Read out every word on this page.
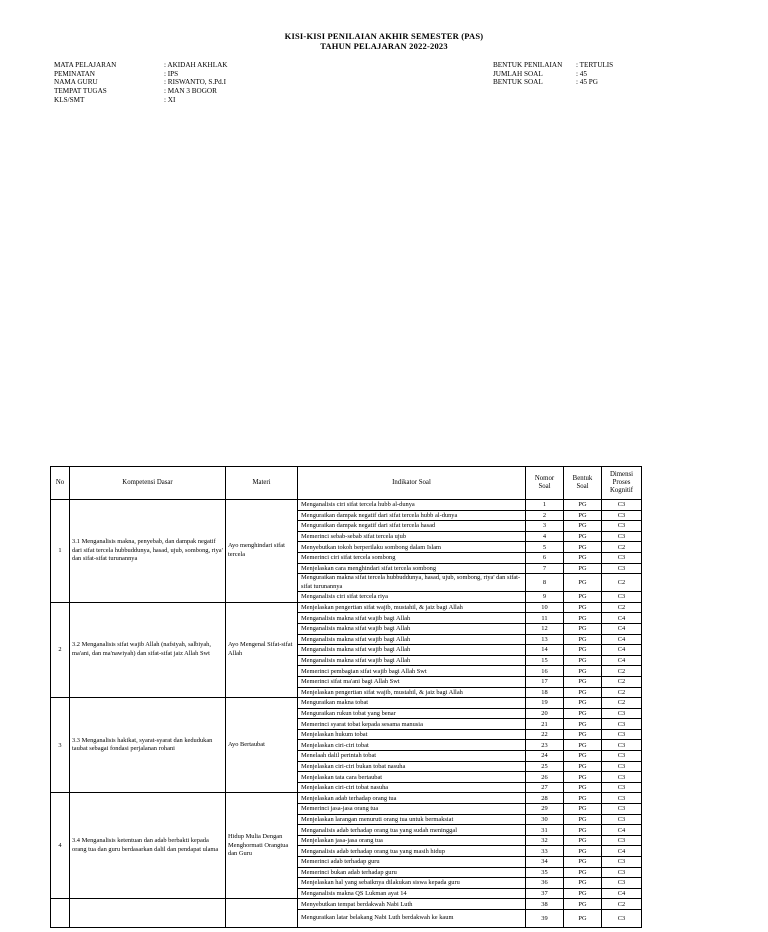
KISI-KISI PENILAIAN AKHIR SEMESTER (PAS)
TAHUN PELAJARAN 2022-2023
MATA PELAJARAN	: AKIDAH AKHLAK
PEMINATAN	: IPS
NAMA GURU	: RISWANTO, S.Pd.I
TEMPAT TUGAS	: MAN 3 BOGOR
KLS/SMT	: XI
BENTUK PENILAIAN	: TERTULIS
JUMLAH SOAL	: 45
BENTUK SOAL	: 45 PG
No	Kompetensi Dasar	Materi	Indikator Soal	Nomor Soal	Bentuk Soal	Dimensi Proses Kognitif
1	3.1 Menganalisis makna, penyebab, dan dampak negatif dari sifat tercela hubbuddunya, hasad, ujub, sombong, riya' dan sifat-sifat turunannya	Ayo menghindari sifat tercela	Menganalisis ciri sifat tercela hubb al-dunya	1	PG	C3
			Menguraikan dampak negatif dari sifat tercela hubb al-dunya	2	PG	C3
			Menguraikan dampak negatif dari sifat tercela hasad	3	PG	C3
			Memerinci sebab-sebab sifat tercela ujub	4	PG	C3
			Menyebutkan tokoh berperilaku sombong dalam Islam	5	PG	C2
			Memerinci ciri sifat tercela sombong	6	PG	C3
			Menjelaskan cara menghindari sifat tercela sombong	7	PG	C3
			Menguraikan makna sifat tercela hubbuddunya, hasad, ujub, sombong, riya' dan sifat-sifat turunannya	8	PG	C2
			Menganalisis ciri sifat tercela riya	9	PG	C3
2	3.2 Menganalisis sifat wajib Allah (nafsiyah, salbiyah, ma'ani, dan ma'nawiyah) dan sifat-sifat jaiz Allah Swt	Ayo Mengenal Sifat-sifat Allah	Menjelaskan pengertian sifat wajib, mustahil, & jaiz bagi Allah	10	PG	C2
			Menganalisis makna sifat wajib bagi Allah	11	PG	C4
			Menganalisis makna sifat wajib bagi Allah	12	PG	C4
			Menganalisis makna sifat wajib bagi Allah	13	PG	C4
			Menganalisis makna sifat wajib bagi Allah	14	PG	C4
			Menganalisis makna sifat wajib bagi Allah	15	PG	C4
			Memerinci pembagian sifat wajib bagi Allah Swt	16	PG	C2
			Memerinci sifat ma'ani bagi Allah Swt	17	PG	C2
			Menjelaskan pengertian sifat wajib, mustahil, & jaiz bagi Allah	18	PG	C2
3	3.3 Menganalisis hakikat, syarat-syarat dan kedudukan taubat sebagai fondasi perjalanan rohani	Ayo Bertaubat	Menguraikan makna tobat	19	PG	C2
			Menguraikan rukun tobat yang benar	20	PG	C3
			Memerinci syarat tobat kepada sesama manusia	21	PG	C3
			Menjelaskan hukum tobat	22	PG	C3
			Menjelaskan ciri-ciri tobat	23	PG	C3
			Menelaah dalil perintah tobat	24	PG	C3
			Menjelaskan ciri-ciri bukan tobat nasuha	25	PG	C3
			Menjelaskan tata cara bertaubat	26	PG	C3
			Menjelaskan ciri-ciri tobat nasuha	27	PG	C3
4	3.4 Menganalisis ketentuan dan adab berbakti kepada orang tua dan guru berdasarkan dalil dan pendapat ulama	Hidup Mulia Dengan Menghormati Orangtua dan Guru	Menjelaskan adab terhadap orang tua	28	PG	C3
			Memerinci jasa-jasa orang tua	29	PG	C3
			Menjelaskan larangan menuruti orang tua untuk bermaksiat	30	PG	C3
			Menganalisis adab terhadap orang tua yang sudah meninggal	31	PG	C4
			Menjelaskan jasa-jasa orang tua	32	PG	C3
			Menganalisis adab terhadap orang tua yang masih hidup	33	PG	C4
			Memerinci adab terhadap guru	34	PG	C3
			Memerinci bukan adab terhadap guru	35	PG	C3
			Menjelaskan hal yang sebaiknya dilakukan siswa kepada guru	36	PG	C3
			Menganalisis makna QS Lukman ayat 14	37	PG	C4
			Menyebutkan tempat berdakwah Nabi Luth	38	PG	C2
			Menguraikan latar belakang Nabi Luth berdakwah ke kaum	39	PG	C3
